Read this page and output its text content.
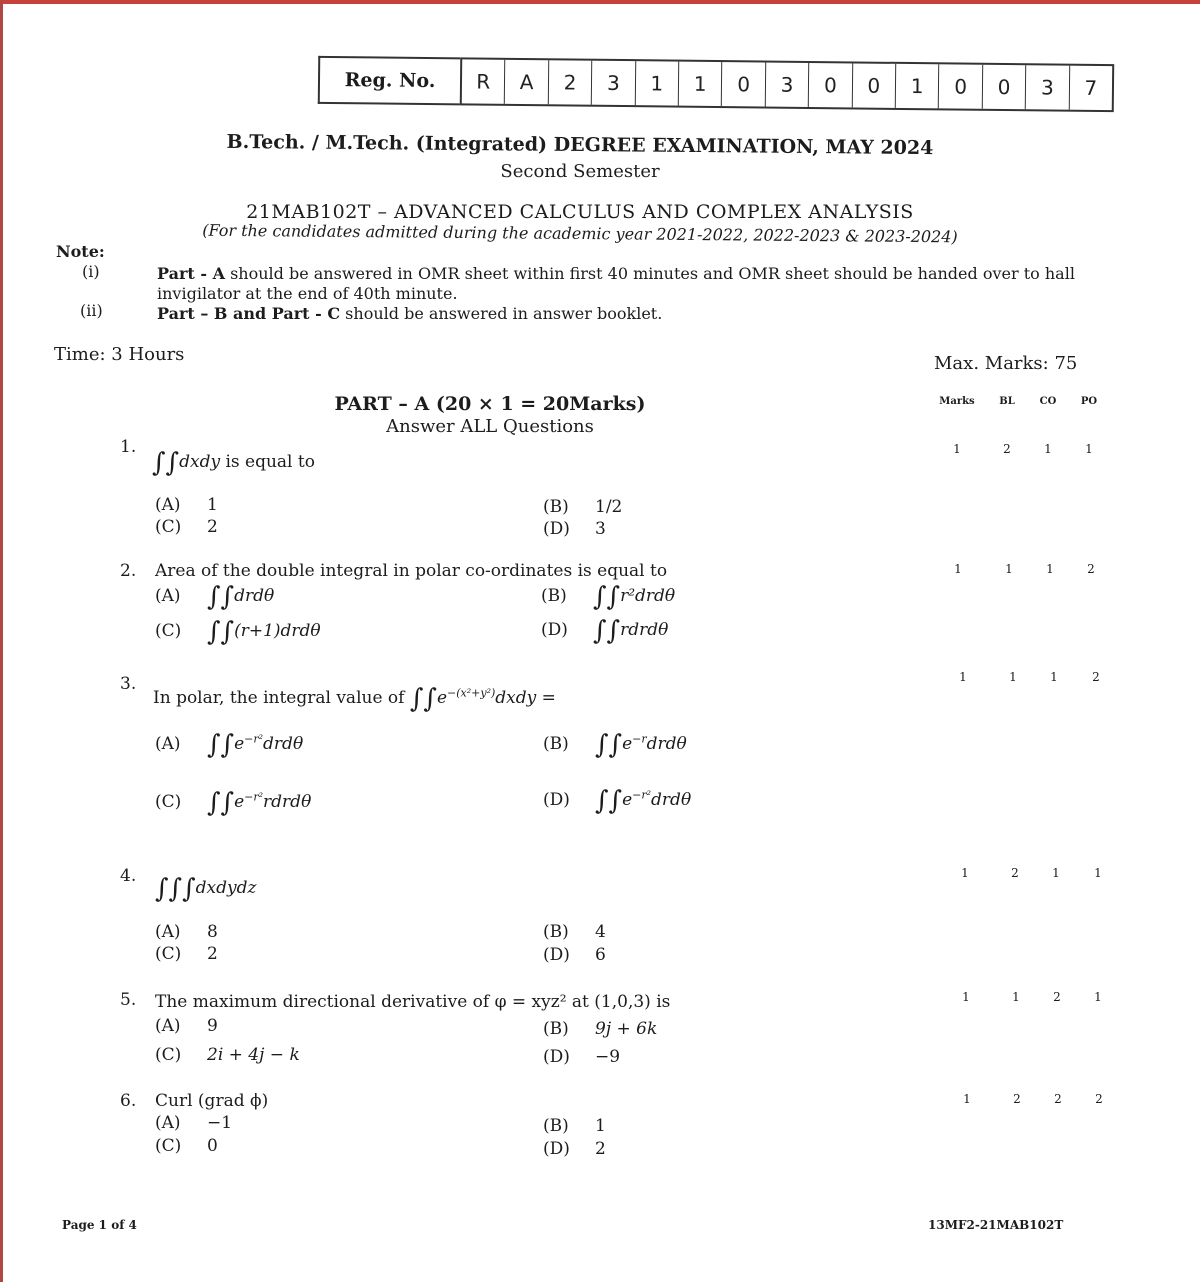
Reg. No.	R	A	2	3	1	1	0	3	0	0	1	0	0	3	7
B.Tech. / M.Tech. (Integrated) DEGREE EXAMINATION, MAY 2024
Second Semester
21MAB102T – ADVANCED CALCULUS AND COMPLEX ANALYSIS
(For the candidates admitted during the academic year 2021-2022, 2022-2023 & 2023-2024)
Note:
(i)	Part - A should be answered in OMR sheet within first 40 minutes and OMR sheet should be handed over to hall invigilator at the end of 40th minute.
(ii)	Part – B and Part - C should be answered in answer booklet.
Time: 3 Hours	Max. Marks: 75
PART – A (20 × 1 = 20Marks)
Answer ALL Questions
Marks	BL	CO	PO
1.
∫∫dxdy is equal to
(A) 1	(B) 1/2
(C) 2	(D) 3
1	2	1	1
2. Area of the double integral in polar co-ordinates is equal to
(A) ∫∫drdθ	(B) ∫∫r²drdθ
(C) ∫∫(r+1)drdθ	(D) ∫∫rdrdθ
1	1	1	2
3.
In polar, the integral value of $\int\int e^{-(x^2+y^2)}dxdy$ =
(A) $\int\int e^{-r^2}drd\theta$	(B) $\int\int e^{-r}drd\theta$
(C) $\int\int e^{-r^2}rdrd\theta$	(D) $\int\int e^{-r^2}drd\theta$
1	1	1	2
4. ∫∫∫dxdydz
(A) 8	(B) 4
(C) 2	(D) 6
1	2	1	1
5. The maximum directional derivative of φ = xyz² at (1,0,3) is
(A) 9	(B) 9j + 6k
(C) 2i + 4j − k	(D) −9
1	1	2	1
6. Curl (grad ϕ)
(A) −1	(B) 1
(C) 0	(D) 2
1	2	2	2
Page 1 of 4	13MF2-21MAB102T
